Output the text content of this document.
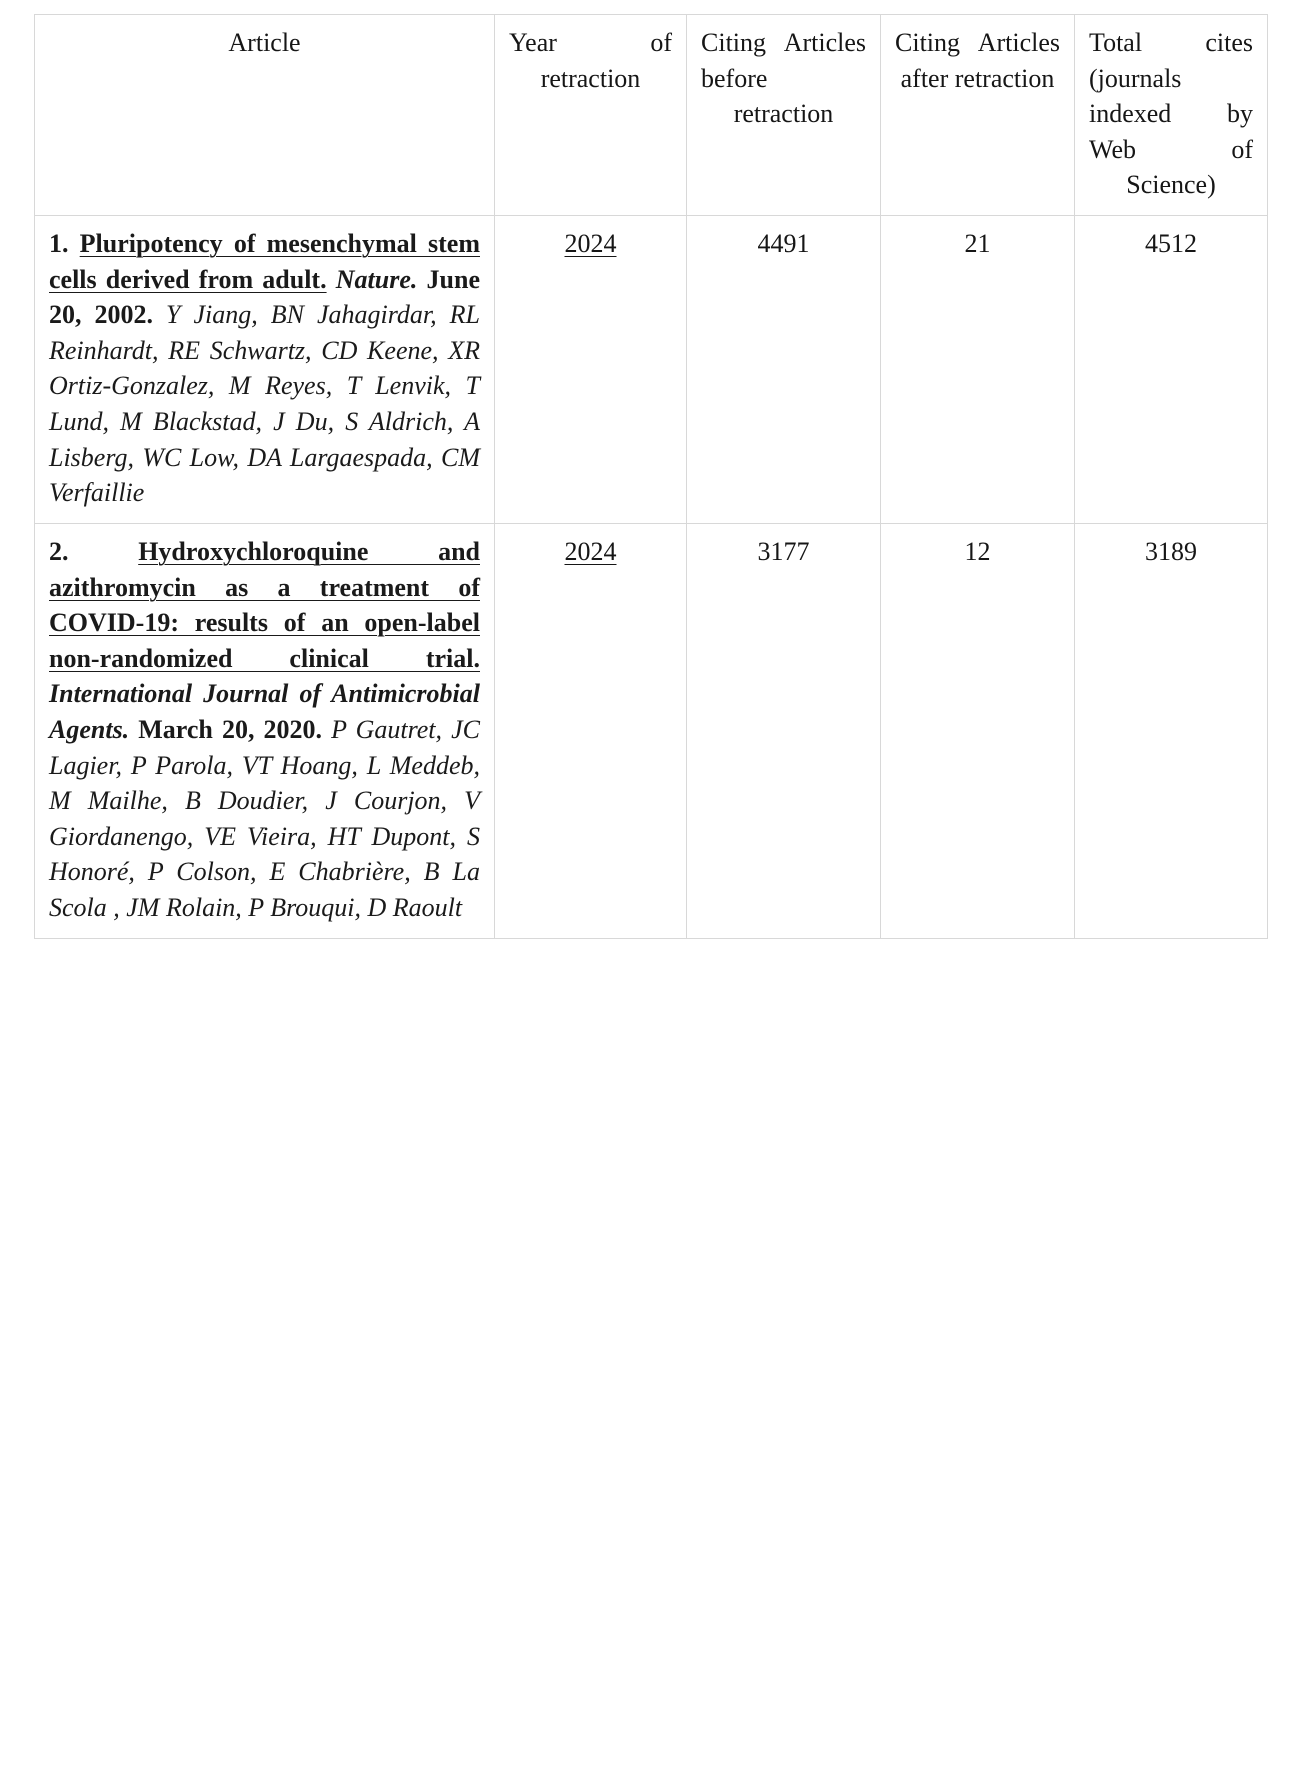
Article	Year of retraction	Citing Articles before retraction	Citing Articles after retraction	Total cites (journals indexed by Web of Science)
1. Pluripotency of mesenchymal stem cells derived from adult. Nature. June 20, 2002. Y Jiang, BN Jahagirdar, RL Reinhardt, RE Schwartz, CD Keene, XR Ortiz-Gonzalez, M Reyes, T Lenvik, T Lund, M Blackstad, J Du, S Aldrich, A Lisberg, WC Low, DA Largaespada, CM Verfaillie	2024	4491	21	4512
2. Hydroxychloroquine and azithromycin as a treatment of COVID-19: results of an open-label non-randomized clinical trial. International Journal of Antimicrobial Agents. March 20, 2020. P Gautret, JC Lagier, P Parola, VT Hoang, L Meddeb, M Mailhe, B Doudier, J Courjon, V Giordanengo, VE Vieira, HT Dupont, S Honoré, P Colson, E Chabrière, B La Scola , JM Rolain, P Brouqui, D Raoult	2024	3177	12	3189
